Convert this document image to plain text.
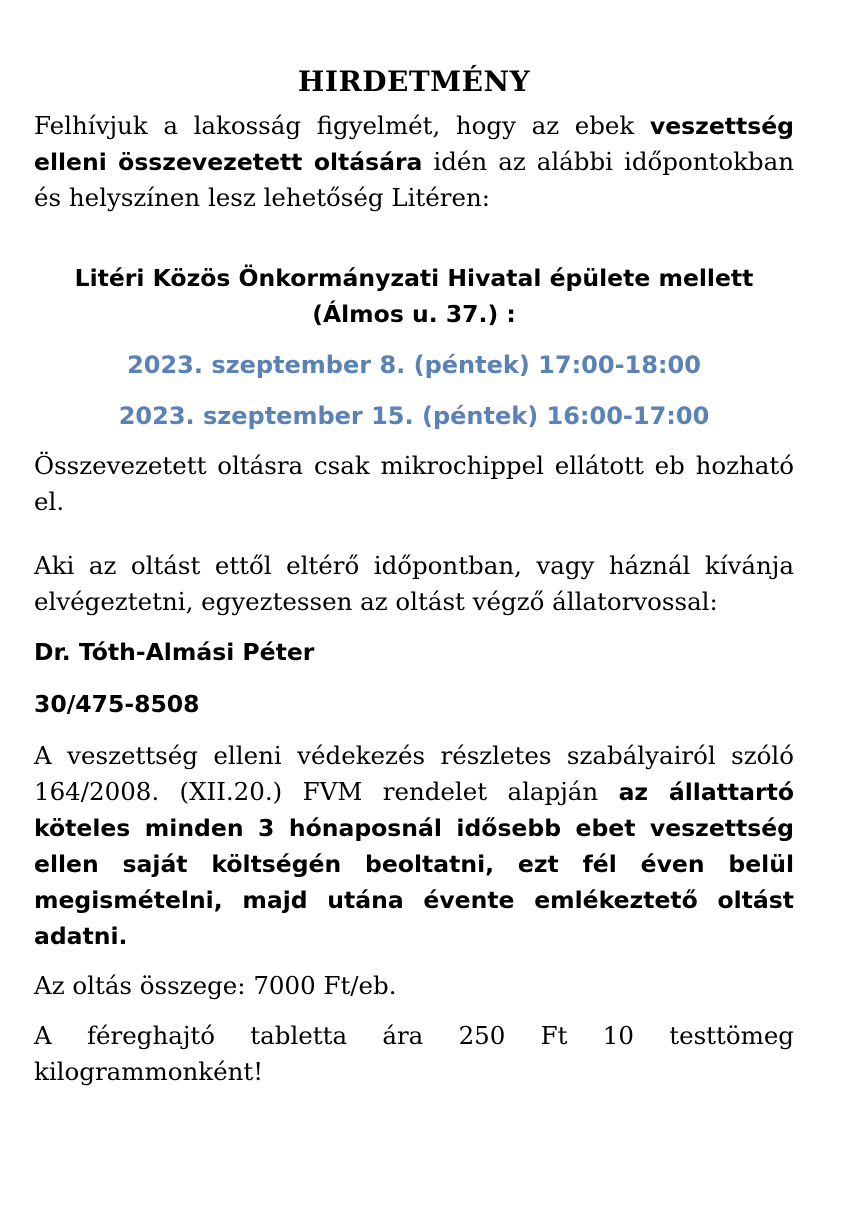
HIRDETMÉNY

Felhívjuk a lakosság figyelmét, hogy az ebek veszettség elleni összevezetett oltására idén az alábbi időpontokban és helyszínen lesz lehetőség Litéren:

Litéri Közös Önkormányzati Hivatal épülete mellett
(Álmos u. 37.) :
2023. szeptember 8. (péntek) 17:00-18:00
2023. szeptember 15. (péntek) 16:00-17:00

Összevezetett oltásra csak mikrochippel ellátott eb hozható el.

Aki az oltást ettől eltérő időpontban, vagy háznál kívánja elvégeztetni, egyeztessen az oltást végző állatorvossal:

Dr. Tóth-Almási Péter
30/475-8508

A veszettség elleni védekezés részletes szabályairól szóló 164/2008. (XII.20.) FVM rendelet alapján az állattartó köteles minden 3 hónaposnál idősebb ebet veszettség ellen saját költségén beoltatni, ezt fél éven belül megismételni, majd utána évente emlékeztető oltást adatni.

Az oltás összege: 7000 Ft/eb.

A féreghajtó tabletta ára 250 Ft 10 testtömeg kilogrammonként!
